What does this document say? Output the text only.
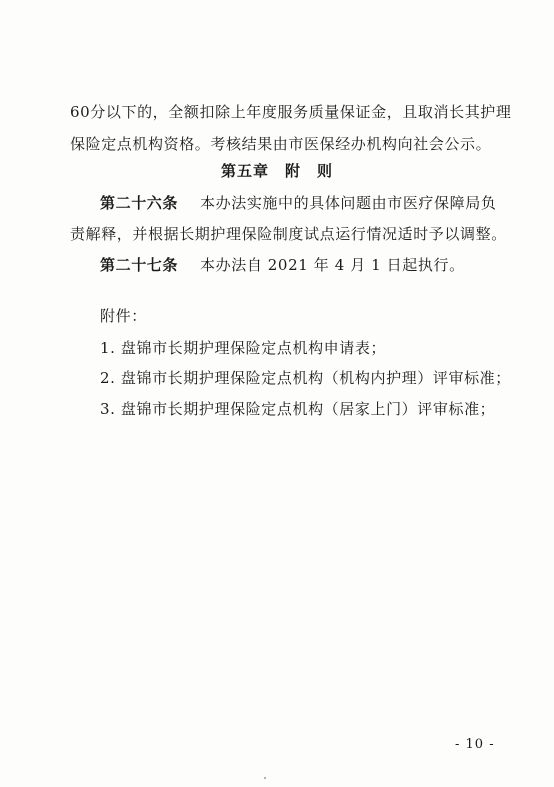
60分以下的，全额扣除上年度服务质量保证金，且取消长其护理
保险定点机构资格。考核结果由市医保经办机构向社会公示。
第五章　附　则
第二十六条 本办法实施中的具体问题由市医疗保障局负
责解释，并根据长期护理保险制度试点运行情况适时予以调整。
第二十七条 本办法自 2021 年 4 月 1 日起执行。
附件：
1. 盘锦市长期护理保险定点机构申请表；
2. 盘锦市长期护理保险定点机构（机构内护理）评审标准；
3. 盘锦市长期护理保险定点机构（居家上门）评审标准；
- 10 -
